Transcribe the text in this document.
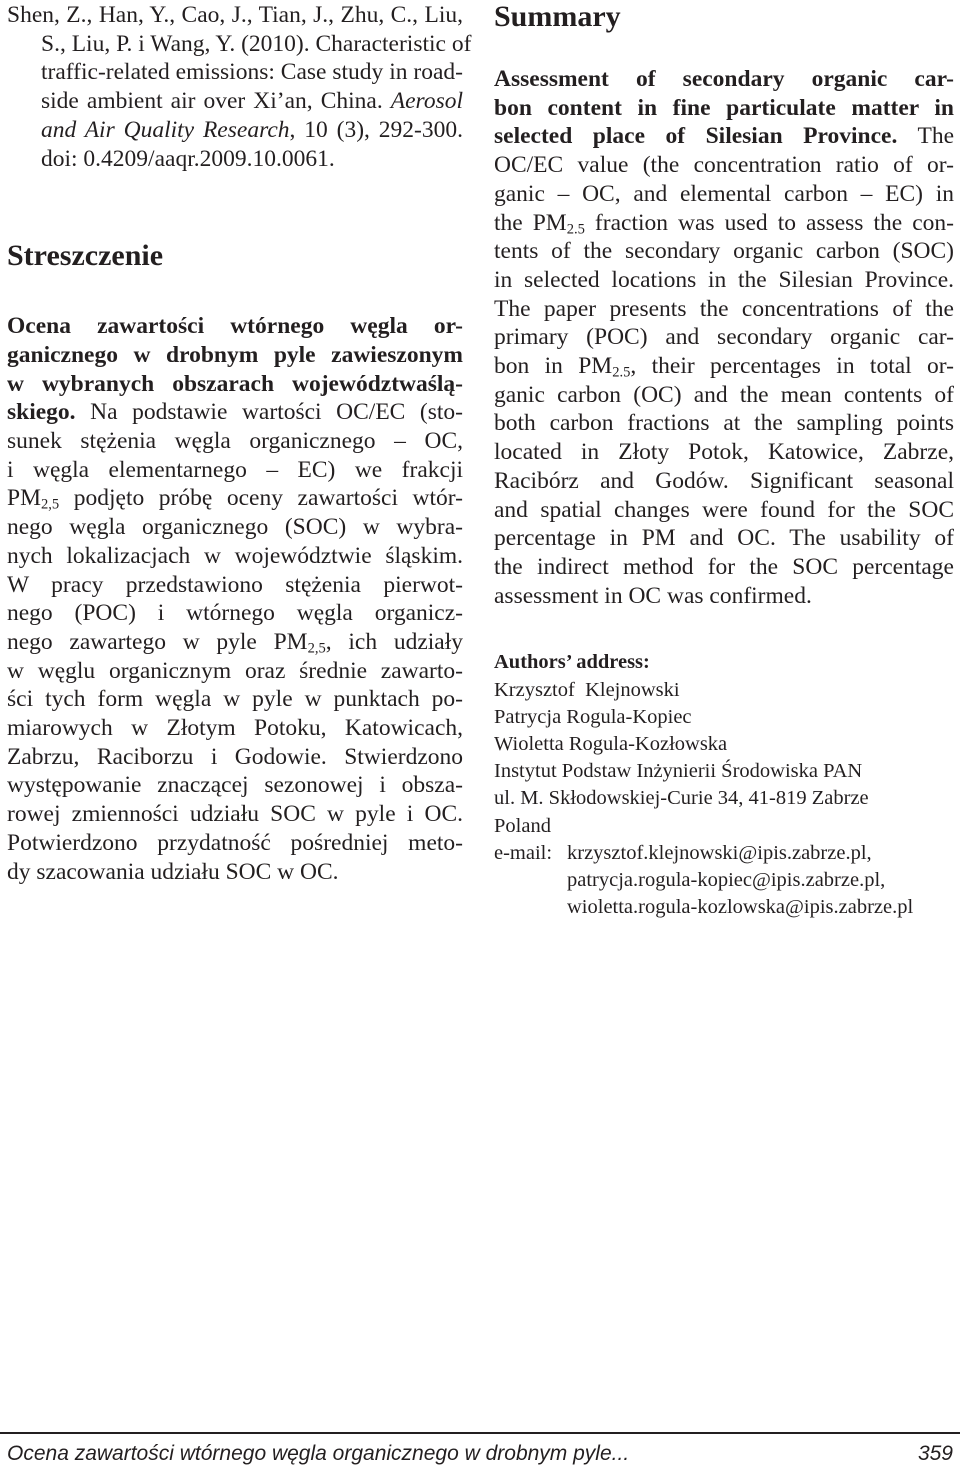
Shen, Z., Han, Y., Cao, J., Tian, J., Zhu, C., Liu,
S., Liu, P. i Wang, Y. (2010). Characteristic of
traffic-related emissions: Case study in road-
side ambient air over Xi’an, China. Aerosol
and Air Quality Research, 10 (3), 292-300.
doi: 0.4209/aaqr.2009.10.0061.
Streszczenie
Ocena zawartości wtórnego węgla or-
ganicznego w drobnym pyle zawieszonym
w wybranych obszarach województwaślą-
skiego. Na podstawie wartości OC/EC (sto-
sunek stężenia węgla organicznego – OC,
i węgla elementarnego – EC) we frakcji
$PM_{2,5}$ podjęto próbę oceny zawartości wtór-
nego węgla organicznego (SOC) w wybra-
nych lokalizacjach w województwie śląskim.
W pracy przedstawiono stężenia pierwot-
nego (POC) i wtórnego węgla organicz-
nego zawartego w pyle $PM_{2,5}$, ich udziały
w węglu organicznym oraz średnie zawarto-
ści tych form węgla w pyle w punktach po-
miarowych w Złotym Potoku, Katowicach,
Zabrzu, Raciborzu i Godowie. Stwierdzono
występowanie znaczącej sezonowej i obsza-
rowej zmienności udziału SOC w pyle i OC.
Potwierdzono przydatność pośredniej meto-
dy szacowania udziału SOC w OC.
Summary
Assessment of secondary organic car-
bon content in fine particulate matter in
selected place of Silesian Province. The
OC/EC value (the concentration ratio of or-
ganic – OC, and elemental carbon – EC) in
the $PM_{2.5}$ fraction was used to assess the con-
tents of the secondary organic carbon (SOC)
in selected locations in the Silesian Province.
The paper presents the concentrations of the
primary (POC) and secondary organic car-
bon in $PM_{2.5}$, their percentages in total or-
ganic carbon (OC) and the mean contents of
both carbon fractions at the sampling points
located in Złoty Potok, Katowice, Zabrze,
Racibórz and Godów. Significant seasonal
and spatial changes were found for the SOC
percentage in PM and OC. The usability of
the indirect method for the SOC percentage
assessment in OC was confirmed.
Authors’ address:
Krzysztof  Klejnowski
Patrycja Rogula-Kopiec
Wioletta Rogula-Kozłowska
Instytut Podstaw Inżynierii Środowiska PAN
ul. M. Skłodowskiej-Curie 34, 41-819 Zabrze
Poland
e-mail: krzysztof.klejnowski@ipis.zabrze.pl,
patrycja.rogula-kopiec@ipis.zabrze.pl,
wioletta.rogula-kozlowska@ipis.zabrze.pl
Ocena zawartości wtórnego węgla organicznego w drobnym pyle...	359
